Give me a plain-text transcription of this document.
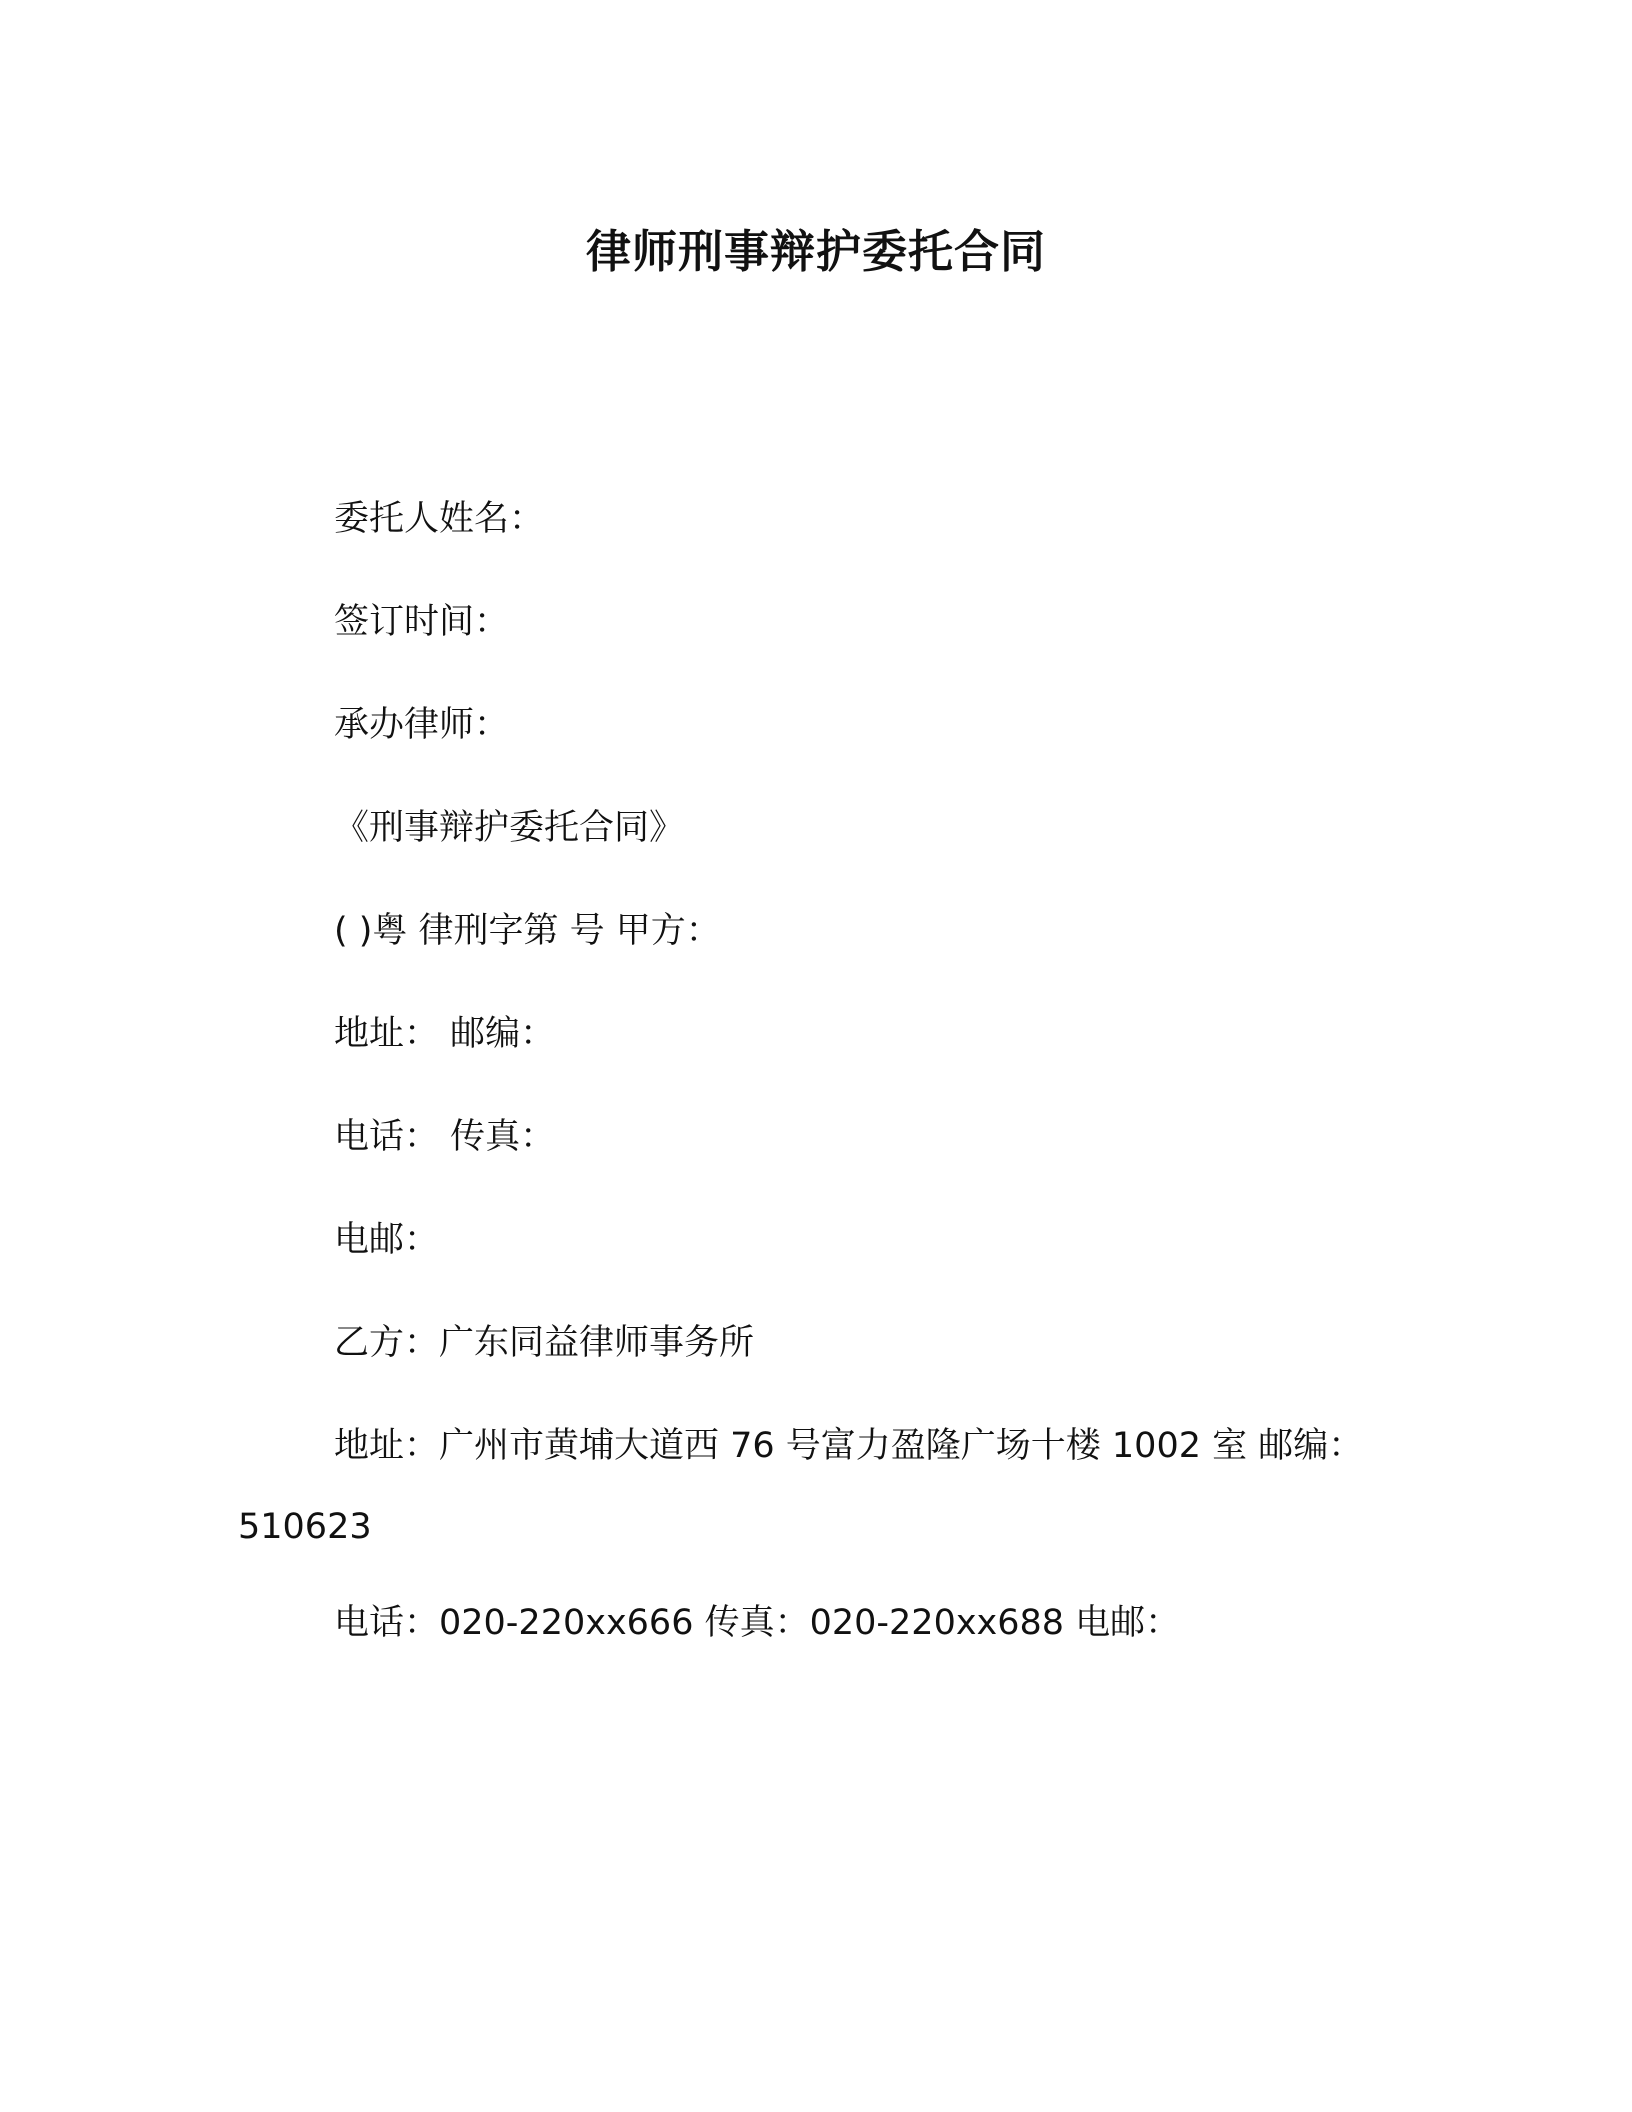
律师刑事辩护委托合同
委托人姓名：
签订时间：
承办律师：
《刑事辩护委托合同》
( )粤 律刑字第 号 甲方：
地址： 邮编：
电话： 传真：
电邮：
乙方：广东同益律师事务所
地址：广州市黄埔大道西 76 号富力盈隆广场十楼 1002 室 邮编：
510623
电话：020-220xx666 传真：020-220xx688 电邮：
